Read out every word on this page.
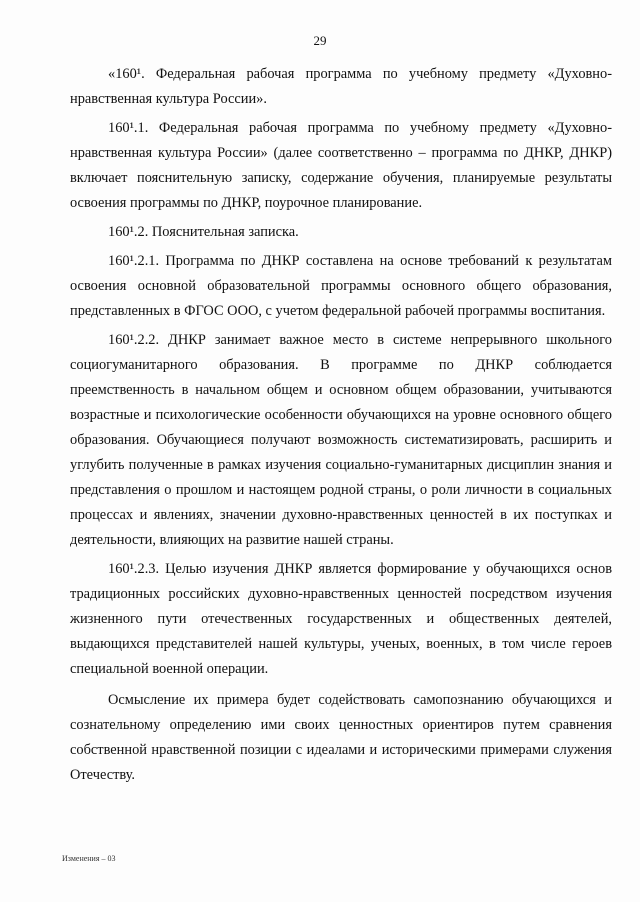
29

«160¹. Федеральная рабочая программа по учебному предмету «Духовно-нравственная культура России».

160¹.1. Федеральная рабочая программа по учебному предмету «Духовно-нравственная культура России» (далее соответственно – программа по ДНКР, ДНКР) включает пояснительную записку, содержание обучения, планируемые результаты освоения программы по ДНКР, поурочное планирование.

160¹.2. Пояснительная записка.

160¹.2.1. Программа по ДНКР составлена на основе требований к результатам освоения основной образовательной программы основного общего образования, представленных в ФГОС ООО, с учетом федеральной рабочей программы воспитания.

160¹.2.2. ДНКР занимает важное место в системе непрерывного школьного социогуманитарного образования. В программе по ДНКР соблюдается преемственность в начальном общем и основном общем образовании, учитываются возрастные и психологические особенности обучающихся на уровне основного общего образования. Обучающиеся получают возможность систематизировать, расширить и углубить полученные в рамках изучения социально-гуманитарных дисциплин знания и представления о прошлом и настоящем родной страны, о роли личности в социальных процессах и явлениях, значении духовно-нравственных ценностей в их поступках и деятельности, влияющих на развитие нашей страны.

160¹.2.3. Целью изучения ДНКР является формирование у обучающихся основ традиционных российских духовно-нравственных ценностей посредством изучения жизненного пути отечественных государственных и общественных деятелей, выдающихся представителей нашей культуры, ученых, военных, в том числе героев специальной военной операции.

Осмысление их примера будет содействовать самопознанию обучающихся и сознательному определению ими своих ценностных ориентиров путем сравнения собственной нравственной позиции с идеалами и историческими примерами служения Отечеству.

Изменения – 03
